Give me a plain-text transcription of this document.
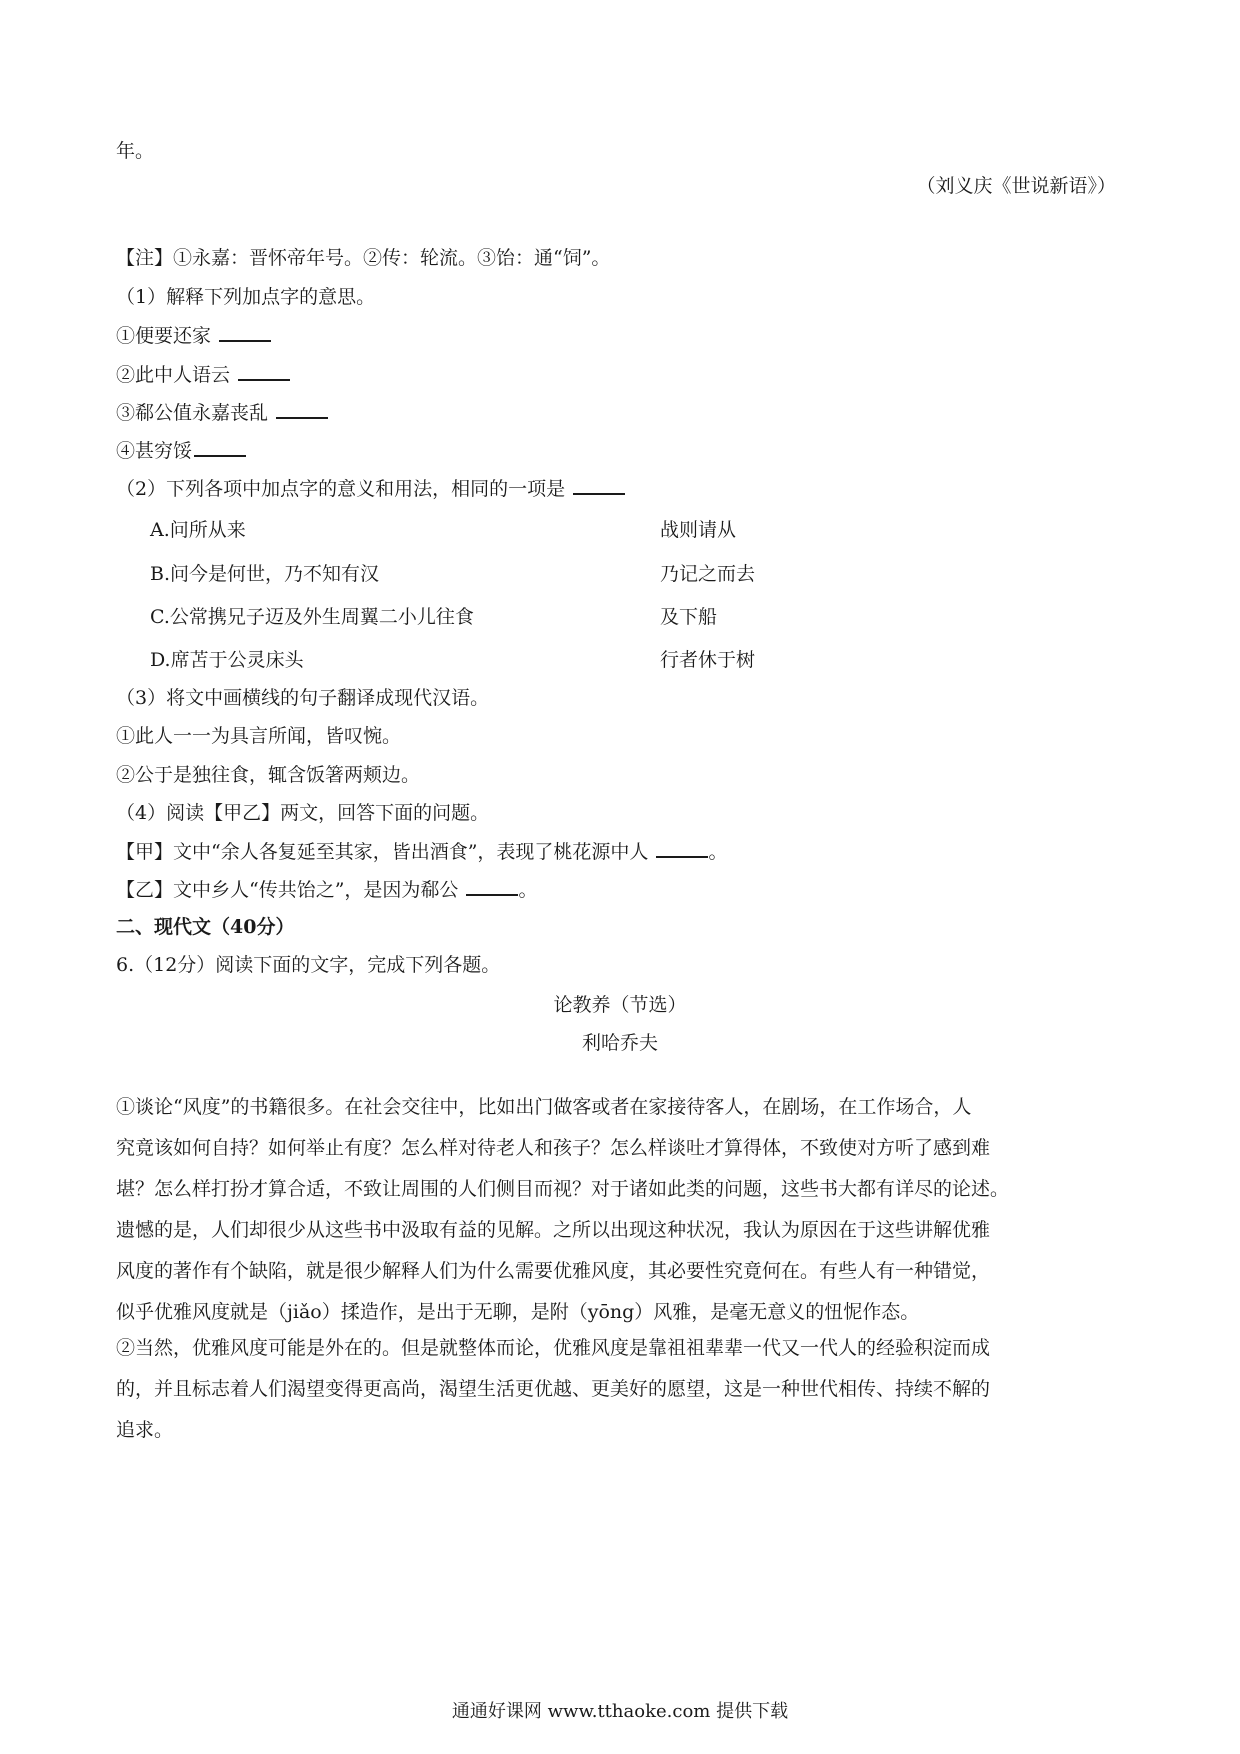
年。
（刘义庆《世说新语》）
【注】①永嘉：晋怀帝年号。②传：轮流。③饴：通“饲”。
（1）解释下列加点字的意思。
①便要还家
②此中人语云
③郗公值永嘉丧乱
④甚穷馁
（2）下列各项中加点字的意义和用法，相同的一项是
A.问所从来	战则请从
B.问今是何世，乃不知有汉	乃记之而去
C.公常携兄子迈及外生周翼二小儿往食	及下船
D.席苫于公灵床头	行者休于树
（3）将文中画横线的句子翻译成现代汉语。
①此人一一为具言所闻，皆叹惋。
②公于是独往食，辄含饭箸两颊边。
（4）阅读【甲乙】两文，回答下面的问题。
【甲】文中“余人各复延至其家，皆出酒食”，表现了桃花源中人	。
【乙】文中乡人“传共饴之”，是因为郗公	。
二、现代文（40分）
6.（12分）阅读下面的文字，完成下列各题。
论教养（节选）
利哈乔夫
①谈论“风度”的书籍很多。在社会交往中，比如出门做客或者在家接待客人，在剧场，在工作场合，人
究竟该如何自持？如何举止有度？怎么样对待老人和孩子？怎么样谈吐才算得体，不致使对方听了感到难
堪？怎么样打扮才算合适，不致让周围的人们侧目而视？对于诸如此类的问题，这些书大都有详尽的论述。
遗憾的是，人们却很少从这些书中汲取有益的见解。之所以出现这种状况，我认为原因在于这些讲解优雅
风度的著作有个缺陷，就是很少解释人们为什么需要优雅风度，其必要性究竟何在。有些人有一种错觉，
似乎优雅风度就是（jiǎo）揉造作，是出于无聊，是附（yōng）风雅，是毫无意义的忸怩作态。
②当然，优雅风度可能是外在的。但是就整体而论，优雅风度是靠祖祖辈辈一代又一代人的经验积淀而成
的，并且标志着人们渴望变得更高尚，渴望生活更优越、更美好的愿望，这是一种世代相传、持续不解的
追求。
通通好课网 www.tthaoke.com 提供下载
